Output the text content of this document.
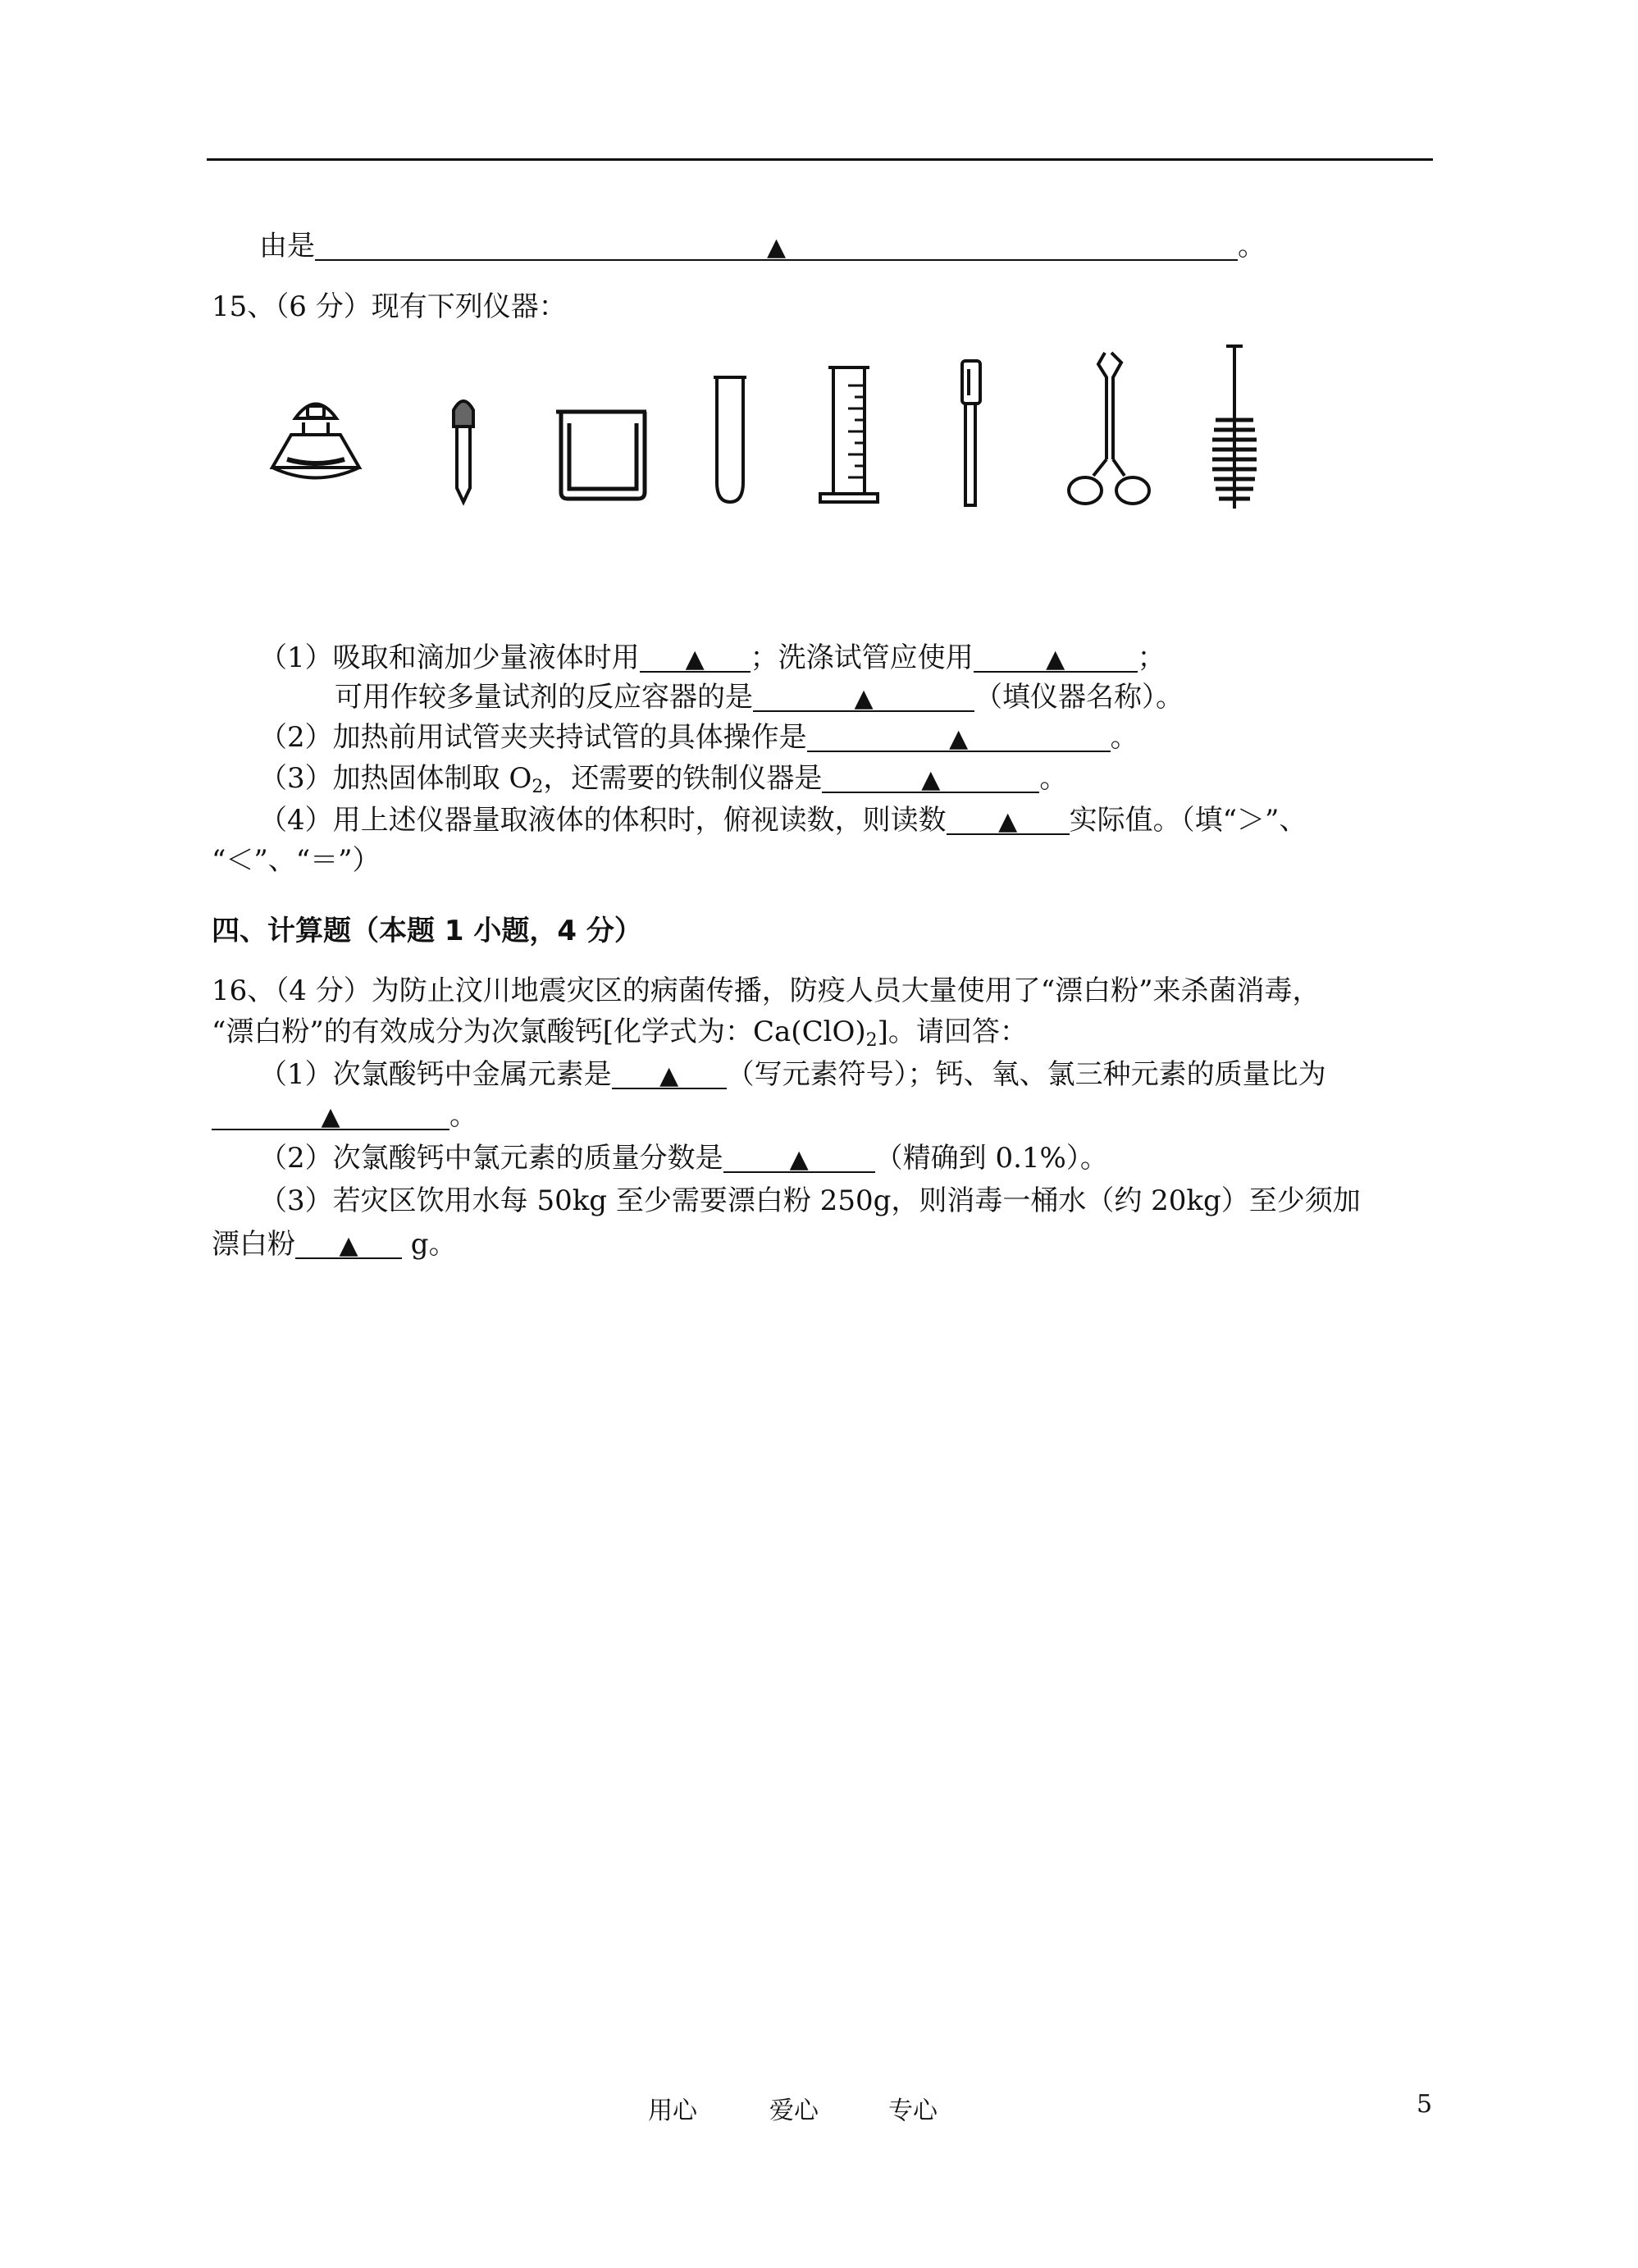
由是	▲	。
15、（6 分）现有下列仪器：
（1）吸取和滴加少量液体时用 ▲ ；洗涤试管应使用	▲	；
可用作较多量试剂的反应容器的是	▲	（填仪器名称）。
（2）加热前用试管夹夹持试管的具体操作是	▲	。
（3）加热固体制取 $O_2$，还需要的铁制仪器是	▲	。
（4）用上述仪器量取液体的体积时，俯视读数，则读数 ▲ 实际值。（填“＞”、
“＜”、“＝”）
四、计算题（本题 1 小题，4 分）
16、（4 分）为防止汶川地震灾区的病菌传播，防疫人员大量使用了“漂白粉”来杀菌消毒，
“漂白粉”的有效成分为次氯酸钙[化学式为：$Ca(ClO)_2$]。请回答：
（1）次氯酸钙中金属元素是 ▲ （写元素符号）；钙、氧、氯三种元素的质量比为
▲	。
（2）次氯酸钙中氯元素的质量分数是	▲ （精确到 0.1%）。
（3）若灾区饮用水每 50kg 至少需要漂白粉 250g，则消毒一桶水（约 20kg）至少须加
漂白粉 ▲ g。
用心	爱心	专心	5
